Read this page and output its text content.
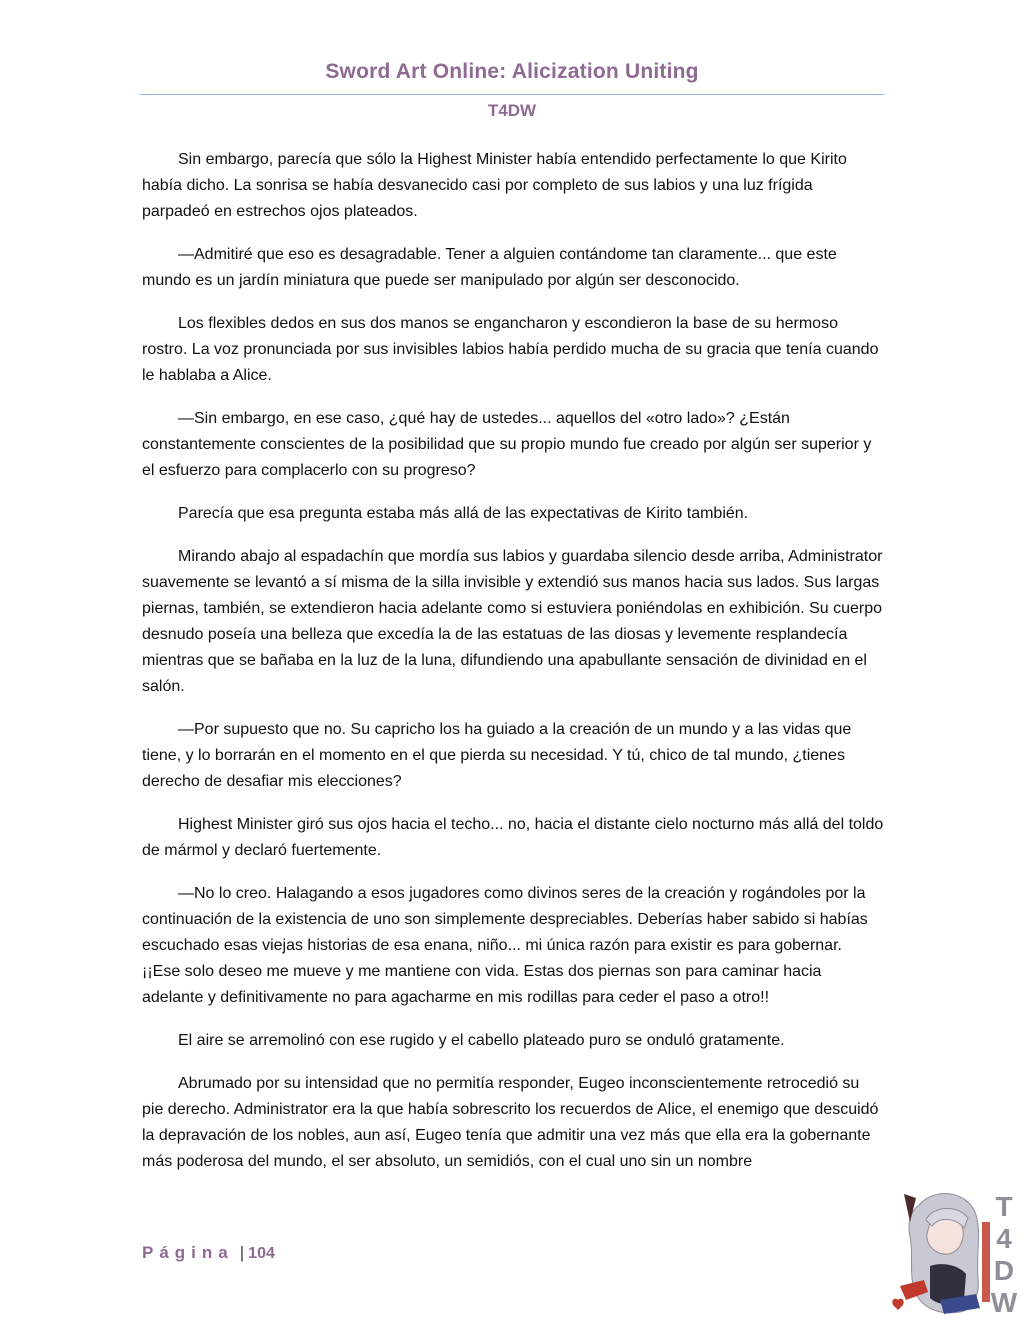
Sword Art Online: Alicization Uniting
T4DW

Sin embargo, parecía que sólo la Highest Minister había entendido perfectamente lo que Kirito había dicho. La sonrisa se había desvanecido casi por completo de sus labios y una luz frígida parpadeó en estrechos ojos plateados.

—Admitiré que eso es desagradable. Tener a alguien contándome tan claramente... que este mundo es un jardín miniatura que puede ser manipulado por algún ser desconocido.

Los flexibles dedos en sus dos manos se engancharon y escondieron la base de su hermoso rostro. La voz pronunciada por sus invisibles labios había perdido mucha de su gracia que tenía cuando le hablaba a Alice.

—Sin embargo, en ese caso, ¿qué hay de ustedes... aquellos del «otro lado»? ¿Están constantemente conscientes de la posibilidad que su propio mundo fue creado por algún ser superior y el esfuerzo para complacerlo con su progreso?

Parecía que esa pregunta estaba más allá de las expectativas de Kirito también.

Mirando abajo al espadachín que mordía sus labios y guardaba silencio desde arriba, Administrator suavemente se levantó a sí misma de la silla invisible y extendió sus manos hacia sus lados. Sus largas piernas, también, se extendieron hacia adelante como si estuviera poniéndolas en exhibición. Su cuerpo desnudo poseía una belleza que excedía la de las estatuas de las diosas y levemente resplandecía mientras que se bañaba en la luz de la luna, difundiendo una apabullante sensación de divinidad en el salón.

—Por supuesto que no. Su capricho los ha guiado a la creación de un mundo y a las vidas que tiene, y lo borrarán en el momento en el que pierda su necesidad. Y tú, chico de tal mundo, ¿tienes derecho de desafiar mis elecciones?

Highest Minister giró sus ojos hacia el techo... no, hacia el distante cielo nocturno más allá del toldo de mármol y declaró fuertemente.

—No lo creo. Halagando a esos jugadores como divinos seres de la creación y rogándoles por la continuación de la existencia de uno son simplemente despreciables. Deberías haber sabido si habías escuchado esas viejas historias de esa enana, niño... mi única razón para existir es para gobernar. ¡¡Ese solo deseo me mueve y me mantiene con vida. Estas dos piernas son para caminar hacia adelante y definitivamente no para agacharme en mis rodillas para ceder el paso a otro!!

El aire se arremolinó con ese rugido y el cabello plateado puro se onduló gratamente.

Abrumado por su intensidad que no permitía responder, Eugeo inconscientemente retrocedió su pie derecho. Administrator era la que había sobrescrito los recuerdos de Alice, el enemigo que descuidó la depravación de los nobles, aun así, Eugeo tenía que admitir una vez más que ella era la gobernante más poderosa del mundo, el ser absoluto, un semidiós, con el cual uno sin un nombre

Página | 104
T
4
D
W
